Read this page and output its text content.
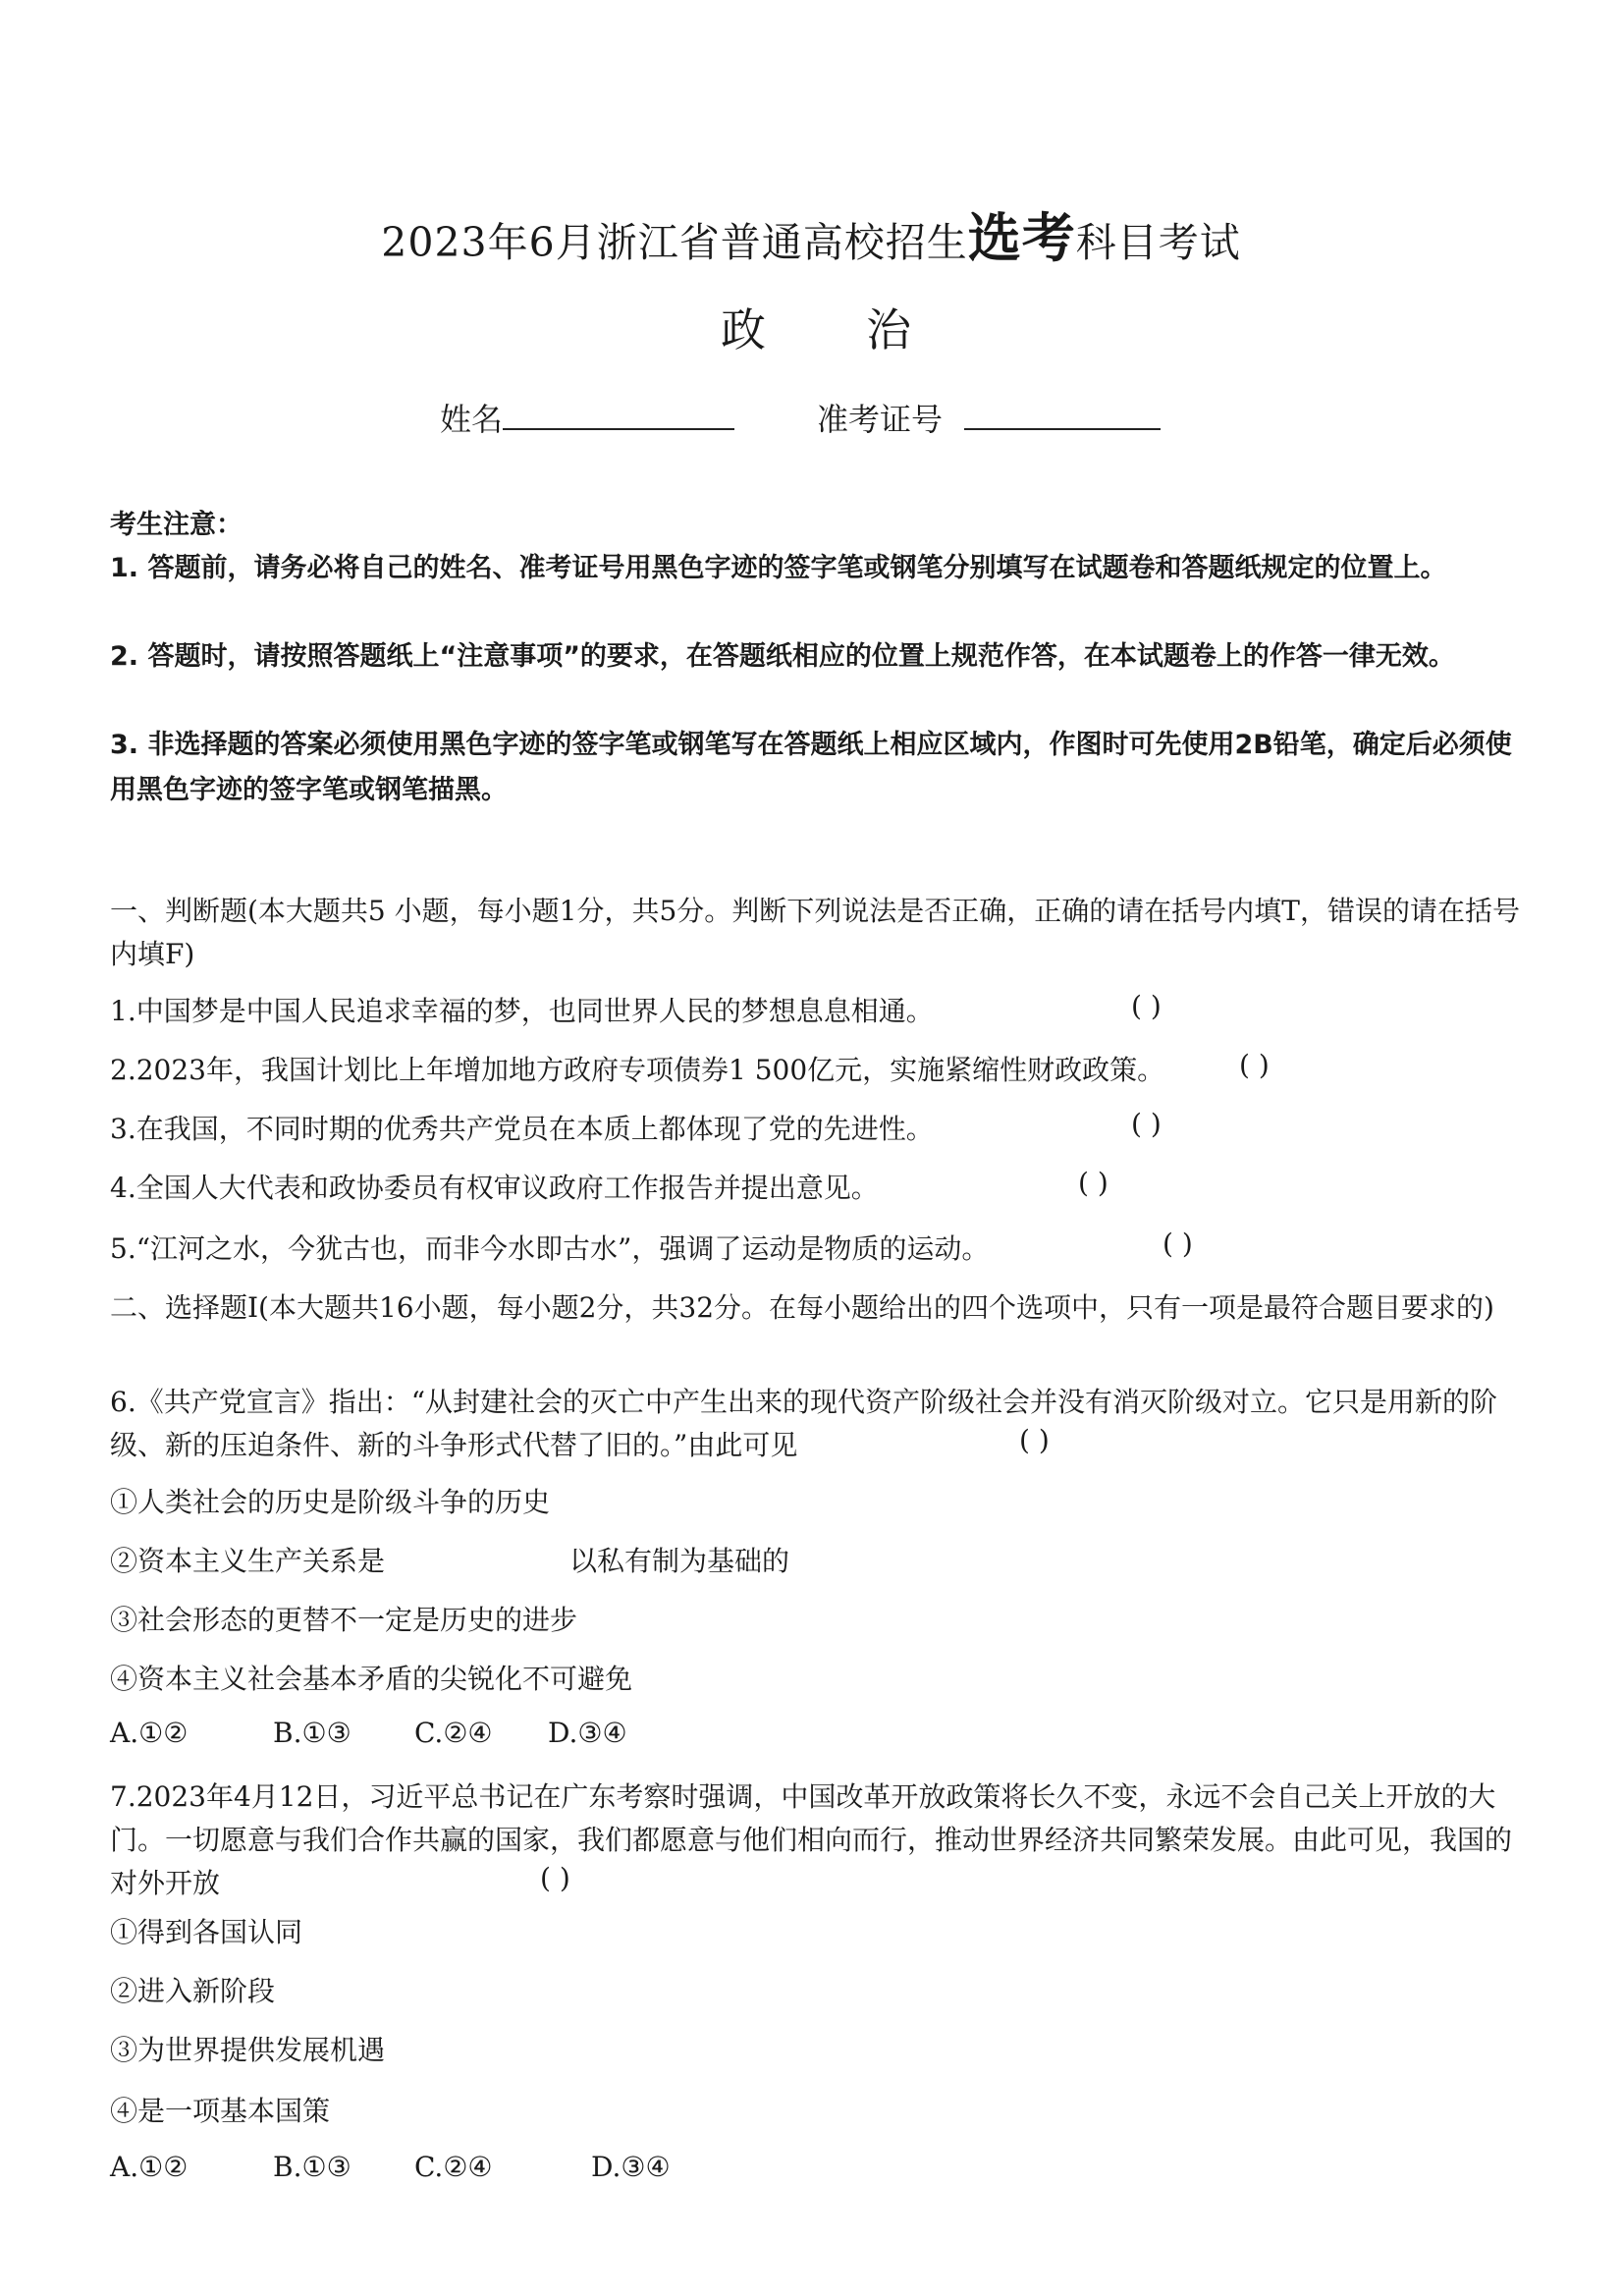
2023年6月浙江省普通高校招生选考科目考试
政 治
姓名	准考证号
考生注意：
1. 答题前，请务必将自己的姓名、准考证号用黑色字迹的签字笔或钢笔分别填写在试题卷和答题纸规定的位置上。
2. 答题时，请按照答题纸上“注意事项”的要求，在答题纸相应的位置上规范作答，在本试题卷上的作答一律无效。
3. 非选择题的答案必须使用黑色字迹的签字笔或钢笔写在答题纸上相应区域内，作图时可先使用2B铅笔，确定后必须使用黑色字迹的签字笔或钢笔描黑。
一、判断题(本大题共5 小题，每小题1分，共5分。判断下列说法是否正确，正确的请在括号内填T，错误的请在括号内填F)
1.中国梦是中国人民追求幸福的梦，也同世界人民的梦想息息相通。	( )
2.2023年，我国计划比上年增加地方政府专项债券1 500亿元，实施紧缩性财政政策。	( )
3.在我国，不同时期的优秀共产党员在本质上都体现了党的先进性。	( )
4.全国人大代表和政协委员有权审议政府工作报告并提出意见。	( )
5.“江河之水，今犹古也，而非今水即古水”，强调了运动是物质的运动。	( )
二、选择题I(本大题共16小题，每小题2分，共32分。在每小题给出的四个选项中，只有一项是最符合题目要求的)
6.《共产党宣言》指出：“从封建社会的灭亡中产生出来的现代资产阶级社会并没有消灭阶级对立。它只是用新的阶级、新的压迫条件、新的斗争形式代替了旧的。”由此可见	( )
①人类社会的历史是阶级斗争的历史
②资本主义生产关系是	以私有制为基础的
③社会形态的更替不一定是历史的进步
④资本主义社会基本矛盾的尖锐化不可避免
A.①②	B.①③ C.②④ D.③④
7.2023年4月12日，习近平总书记在广东考察时强调，中国改革开放政策将长久不变，永远不会自己关上开放的大门。一切愿意与我们合作共赢的国家，我们都愿意与他们相向而行，推动世界经济共同繁荣发展。由此可见，我国的对外开放	( )
①得到各国认同
②进入新阶段
③为世界提供发展机遇
④是一项基本国策
A.①②	B.①③ C.②④	D.③④
